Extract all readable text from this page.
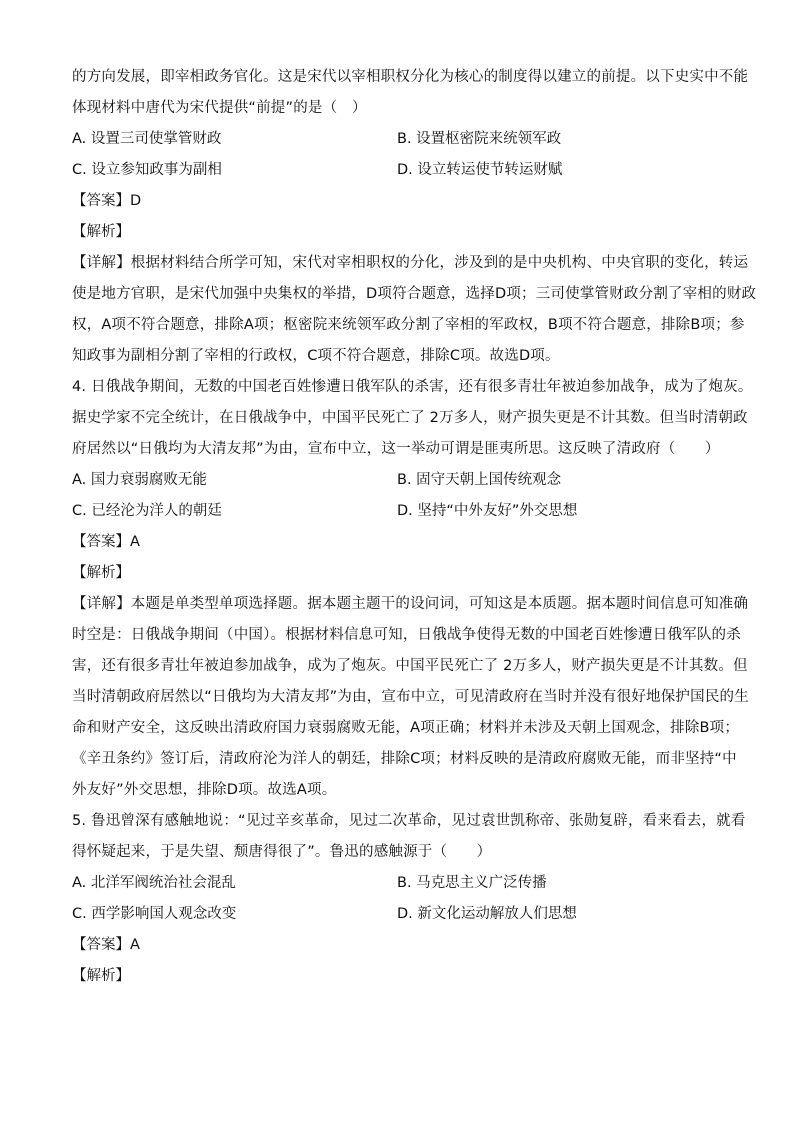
的方向发展，即宰相政务官化。这是宋代以宰相职权分化为核心的制度得以建立的前提。以下史实中不能
体现材料中唐代为宋代提供“前提”的是（　）
A. 设置三司使掌管财政	B. 设置枢密院来统领军政
C. 设立参知政事为副相	D. 设立转运使节转运财赋
【答案】D
【解析】
【详解】根据材料结合所学可知，宋代对宰相职权的分化，涉及到的是中央机构、中央官职的变化，转运
使是地方官职，是宋代加强中央集权的举措，D项符合题意，选择D项；三司使掌管财政分割了宰相的财政
权，A项不符合题意，排除A项；枢密院来统领军政分割了宰相的军政权，B项不符合题意，排除B项；参
知政事为副相分割了宰相的行政权，C项不符合题意，排除C项。故选D项。
4. 日俄战争期间，无数的中国老百姓惨遭日俄军队的杀害，还有很多青壮年被迫参加战争，成为了炮灰。
据史学家不完全统计，在日俄战争中，中国平民死亡了 2万多人，财产损失更是不计其数。但当时清朝政
府居然以“日俄均为大清友邦”为由，宣布中立，这一举动可谓是匪夷所思。这反映了清政府（　　）
A. 国力衰弱腐败无能	B. 固守天朝上国传统观念
C. 已经沦为洋人的朝廷	D. 坚持“中外友好”外交思想
【答案】A
【解析】
【详解】本题是单类型单项选择题。据本题主题干的设问词，可知这是本质题。据本题时间信息可知准确
时空是：日俄战争期间（中国）。根据材料信息可知，日俄战争使得无数的中国老百姓惨遭日俄军队的杀
害，还有很多青壮年被迫参加战争，成为了炮灰。中国平民死亡了 2万多人，财产损失更是不计其数。但
当时清朝政府居然以“日俄均为大清友邦”为由，宣布中立，可见清政府在当时并没有很好地保护国民的生
命和财产安全，这反映出清政府国力衰弱腐败无能，A项正确；材料并未涉及天朝上国观念，排除B项；
《辛丑条约》签订后，清政府沦为洋人的朝廷，排除C项；材料反映的是清政府腐败无能，而非坚持“中
外友好”外交思想，排除D项。故选A项。
5. 鲁迅曾深有感触地说：“见过辛亥革命，见过二次革命，见过袁世凯称帝、张勋复辟，看来看去，就看
得怀疑起来，于是失望、颓唐得很了”。鲁迅的感触源于（　　）
A. 北洋军阀统治社会混乱	B. 马克思主义广泛传播
C. 西学影响国人观念改变	D. 新文化运动解放人们思想
【答案】A
【解析】
